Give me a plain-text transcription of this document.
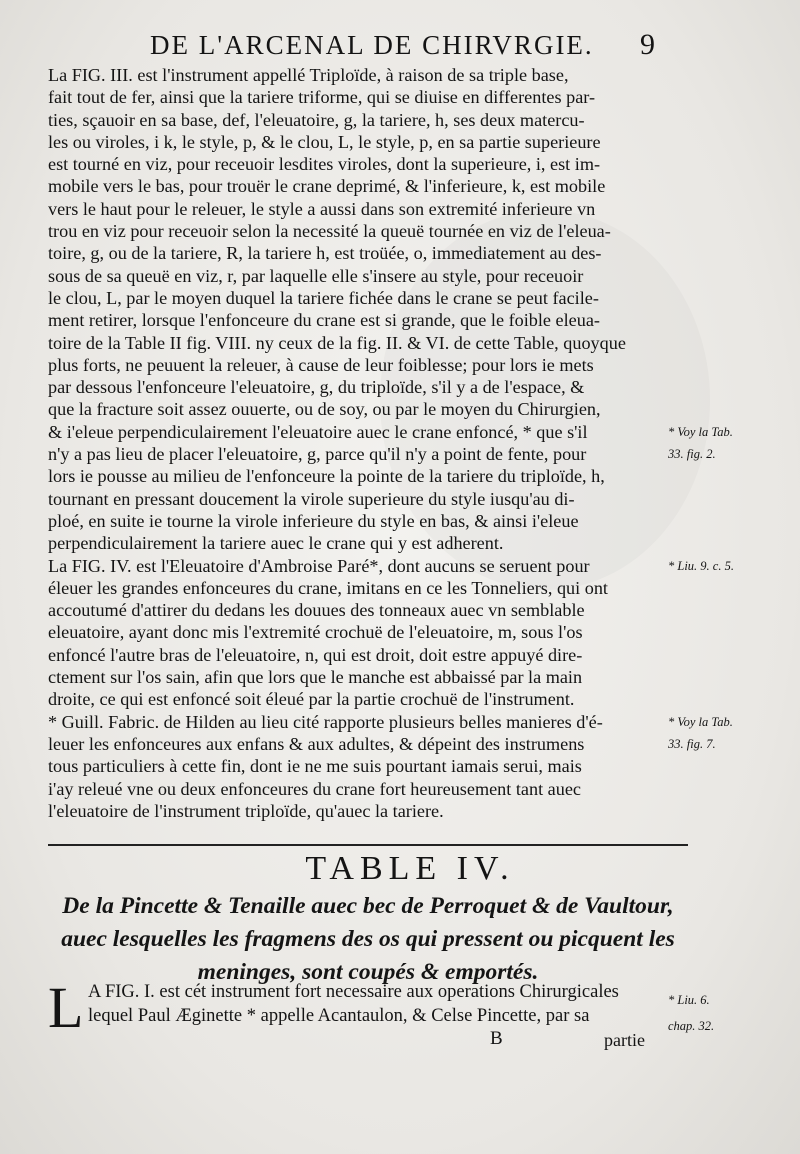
DE L'ARCENAL DE CHIRVRGIE.	9
La FIG. III. est l'instrument appellé Triploïde, à raison de sa triple base,
fait tout de fer, ainsi que la tariere triforme, qui se diuise en differentes par-
ties, sçauoir en sa base, def, l'eleuatoire, g, la tariere, h, ses deux matercu-
les ou viroles, i k, le style, p, & le clou, L, le style, p, en sa partie superieure
est tourné en viz, pour receuoir lesdites viroles, dont la superieure, i, est im-
mobile vers le bas, pour trouër le crane deprimé, & l'inferieure, k, est mobile
vers le haut pour le releuer, le style a aussi dans son extremité inferieure vn
trou en viz pour receuoir selon la necessité la queuë tournée en viz de l'eleua-
toire, g, ou de la tariere, R, la tariere h, est troüée, o, immediatement au des-
sous de sa queuë en viz, r, par laquelle elle s'insere au style, pour receuoir
le clou, L, par le moyen duquel la tariere fichée dans le crane se peut facile-
ment retirer, lorsque l'enfonceure du crane est si grande, que le foible eleua-
toire de la Table II fig. VIII. ny ceux de la fig. II. & VI. de cette Table, quoyque
plus forts, ne peuuent la releuer, à cause de leur foiblesse; pour lors ie mets
par dessous l'enfonceure l'eleuatoire, g, du triploïde, s'il y a de l'espace, &
que la fracture soit assez ouuerte, ou de soy, ou par le moyen du Chirurgien,
& i'eleue perpendiculairement l'eleuatoire auec le crane enfoncé, * que s'il
n'y a pas lieu de placer l'eleuatoire, g, parce qu'il n'y a point de fente, pour
lors ie pousse au milieu de l'enfonceure la pointe de la tariere du triploïde, h,
tournant en pressant doucement la virole superieure du style iusqu'au di-
ploé, en suite ie tourne la virole inferieure du style en bas, & ainsi i'eleue
perpendiculairement la tariere auec le crane qui y est adherent.
La FIG. IV. est l'Eleuatoire d'Ambroise Paré*, dont aucuns se seruent pour
éleuer les grandes enfonceures du crane, imitans en ce les Tonneliers, qui ont
accoutumé d'attirer du dedans les douues des tonneaux auec vn semblable
eleuatoire, ayant donc mis l'extremité crochuë de l'eleuatoire, m, sous l'os
enfoncé l'autre bras de l'eleuatoire, n, qui est droit, doit estre appuyé dire-
ctement sur l'os sain, afin que lors que le manche est abbaissé par la main
droite, ce qui est enfoncé soit éleué par la partie crochuë de l'instrument.
* Guill. Fabric. de Hilden au lieu cité rapporte plusieurs belles manieres d'é-
leuer les enfonceures aux enfans & aux adultes, & dépeint des instrumens
tous particuliers à cette fin, dont ie ne me suis pourtant iamais serui, mais
i'ay releué vne ou deux enfonceures du crane fort heureusement tant auec
l'eleuatoire de l'instrument triploïde, qu'auec la tariere.
* Voy la Tab.
33. fig. 2.
* Liu. 9. c. 5.
* Voy la Tab.
33. fig. 7.
TABLE IV.
De la Pincette & Tenaille auec bec de Perroquet & de Vaultour,
auec lesquelles les fragmens des os qui pressent ou picquent les
meninges, sont coupés & emportés.
L A FIG. I. est cét instrument fort necessaire aux operations Chirurgicales
lequel Paul Æginette * appelle Acantaulon, & Celse Pincette, par sa
* Liu. 6.
chap. 32.
B	partie
